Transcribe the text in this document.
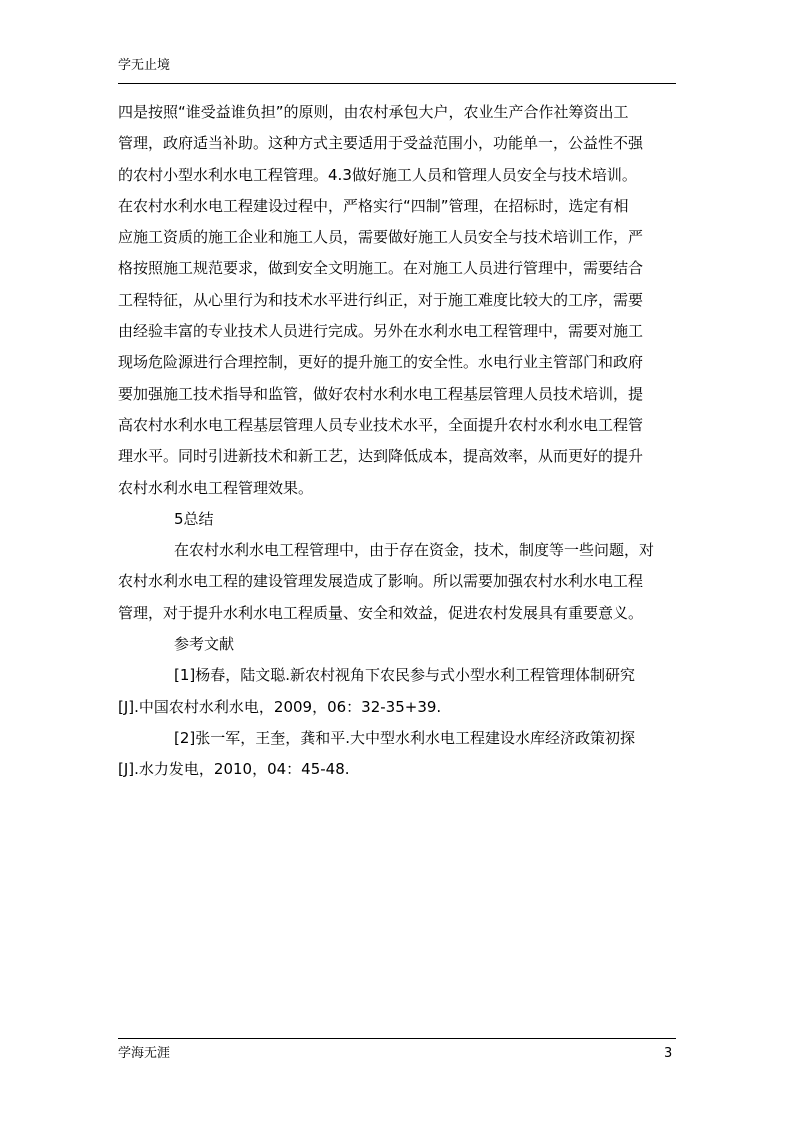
学无止境
四是按照“谁受益谁负担”的原则，由农村承包大户，农业生产合作社筹资出工
管理，政府适当补助。这种方式主要适用于受益范围小，功能单一，公益性不强
的农村小型水利水电工程管理。4.3做好施工人员和管理人员安全与技术培训。
在农村水利水电工程建设过程中，严格实行“四制”管理，在招标时，选定有相
应施工资质的施工企业和施工人员，需要做好施工人员安全与技术培训工作，严
格按照施工规范要求，做到安全文明施工。在对施工人员进行管理中，需要结合
工程特征，从心里行为和技术水平进行纠正，对于施工难度比较大的工序，需要
由经验丰富的专业技术人员进行完成。另外在水利水电工程管理中，需要对施工
现场危险源进行合理控制，更好的提升施工的安全性。水电行业主管部门和政府
要加强施工技术指导和监管，做好农村水利水电工程基层管理人员技术培训，提
高农村水利水电工程基层管理人员专业技术水平，全面提升农村水利水电工程管
理水平。同时引进新技术和新工艺，达到降低成本，提高效率，从而更好的提升
农村水利水电工程管理效果。
5总结
在农村水利水电工程管理中，由于存在资金，技术，制度等一些问题，对
农村水利水电工程的建设管理发展造成了影响。所以需要加强农村水利水电工程
管理，对于提升水利水电工程质量、安全和效益，促进农村发展具有重要意义。
参考文献
[1]杨春，陆文聪.新农村视角下农民参与式小型水利工程管理体制研究
[J].中国农村水利水电，2009，06：32-35+39.
[2]张一军，王奎，龚和平.大中型水利水电工程建设水库经济政策初探
[J].水力发电，2010，04：45-48.
学海无涯	3
